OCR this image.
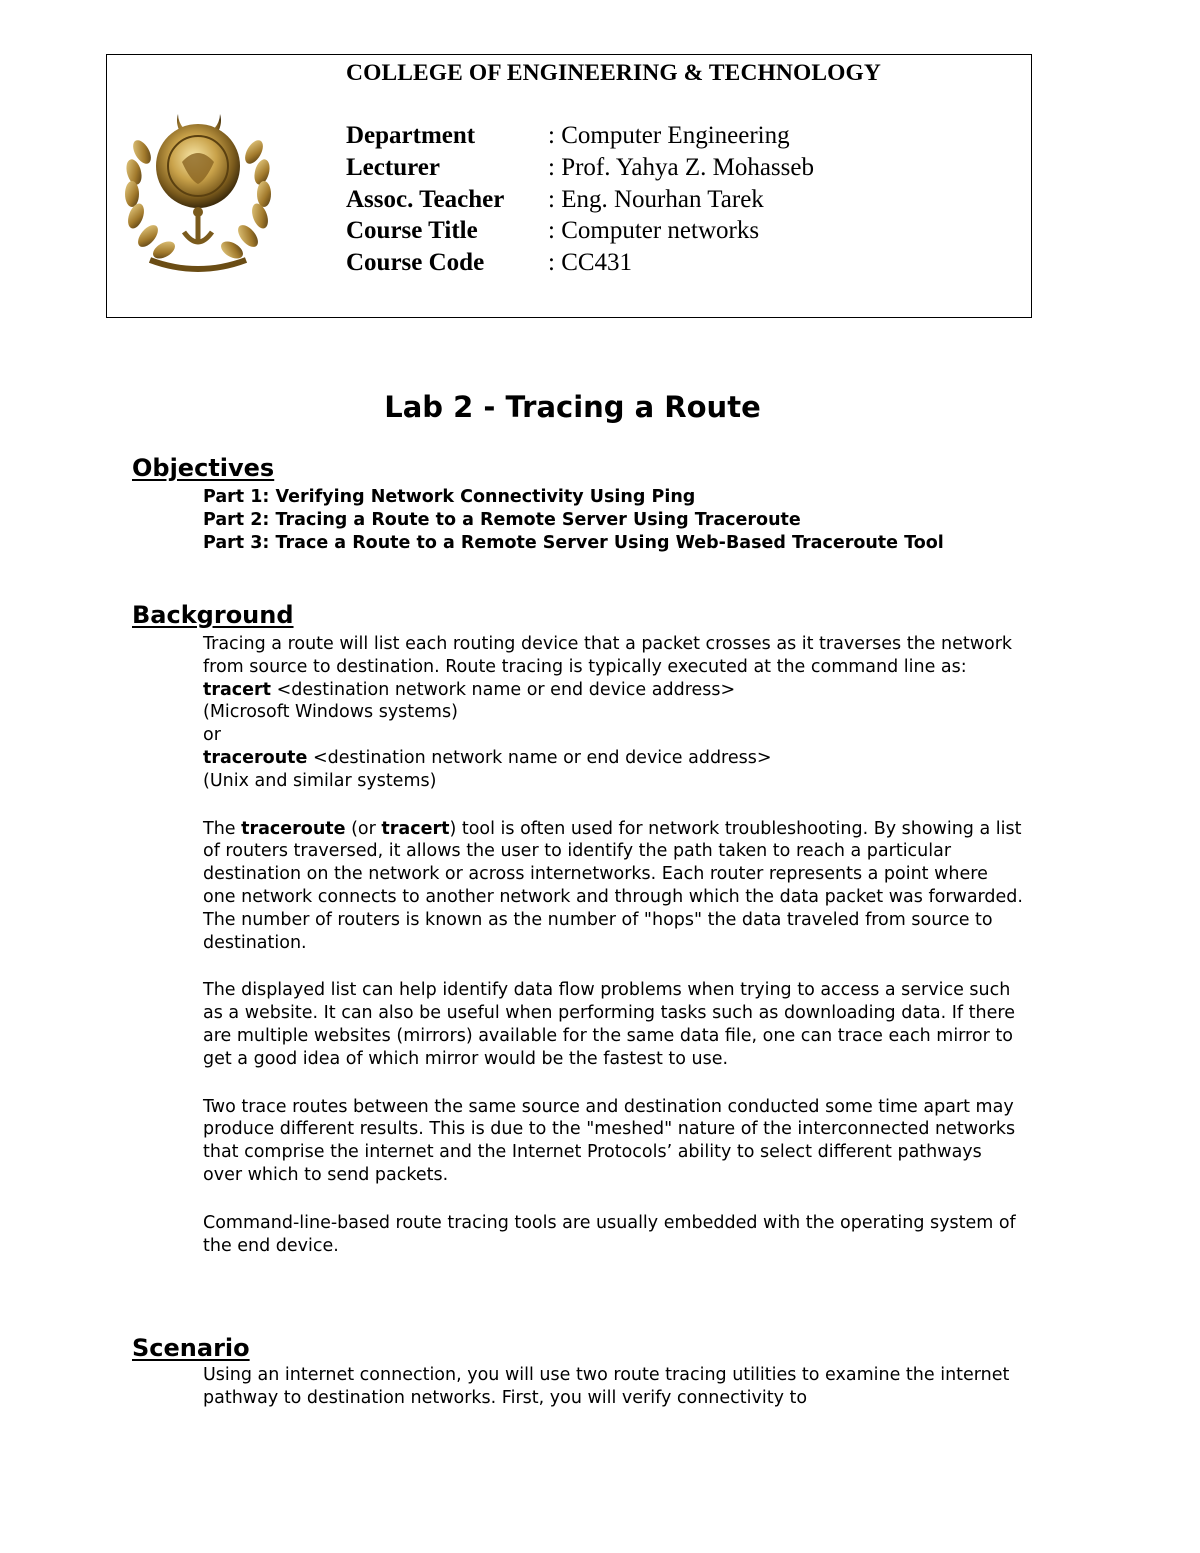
COLLEGE OF ENGINEERING & TECHNOLOGY
Department	: Computer Engineering
Lecturer	: Prof. Yahya Z. Mohasseb
Assoc. Teacher : Eng. Nourhan Tarek
Course Title	: Computer networks
Course Code	: CC431
Lab 2 - Tracing a Route
Objectives

Part 1: Verifying Network Connectivity Using Ping

Part 2: Tracing a Route to a Remote Server Using Traceroute

Part 3: Trace a Route to a Remote Server Using Web-Based Traceroute Tool

Background

Tracing a route will list each routing device that a packet crosses as it traverses the network from source to destination. Route tracing is typically executed at the command line as:

tracert <destination network name or end device address>

(Microsoft Windows systems)

or

traceroute <destination network name or end device address>

(Unix and similar systems)

The traceroute (or tracert) tool is often used for network troubleshooting. By showing a list of routers traversed, it allows the user to identify the path taken to reach a particular destination on the network or across internetworks. Each router represents a point where one network connects to another network and through which the data packet was forwarded. The number of routers is known as the number of "hops" the data traveled from source to destination.

The displayed list can help identify data flow problems when trying to access a service such as a website. It can also be useful when performing tasks such as downloading data. If there are multiple websites (mirrors) available for the same data file, one can trace each mirror to get a good idea of which mirror would be the fastest to use.

Two trace routes between the same source and destination conducted some time apart may produce different results. This is due to the "meshed" nature of the interconnected networks that comprise the internet and the Internet Protocols’ ability to select different pathways over which to send packets.

Command-line-based route tracing tools are usually embedded with the operating system of the end device.

Scenario

Using an internet connection, you will use two route tracing utilities to examine the internet pathway to destination networks. First, you will verify connectivity to
